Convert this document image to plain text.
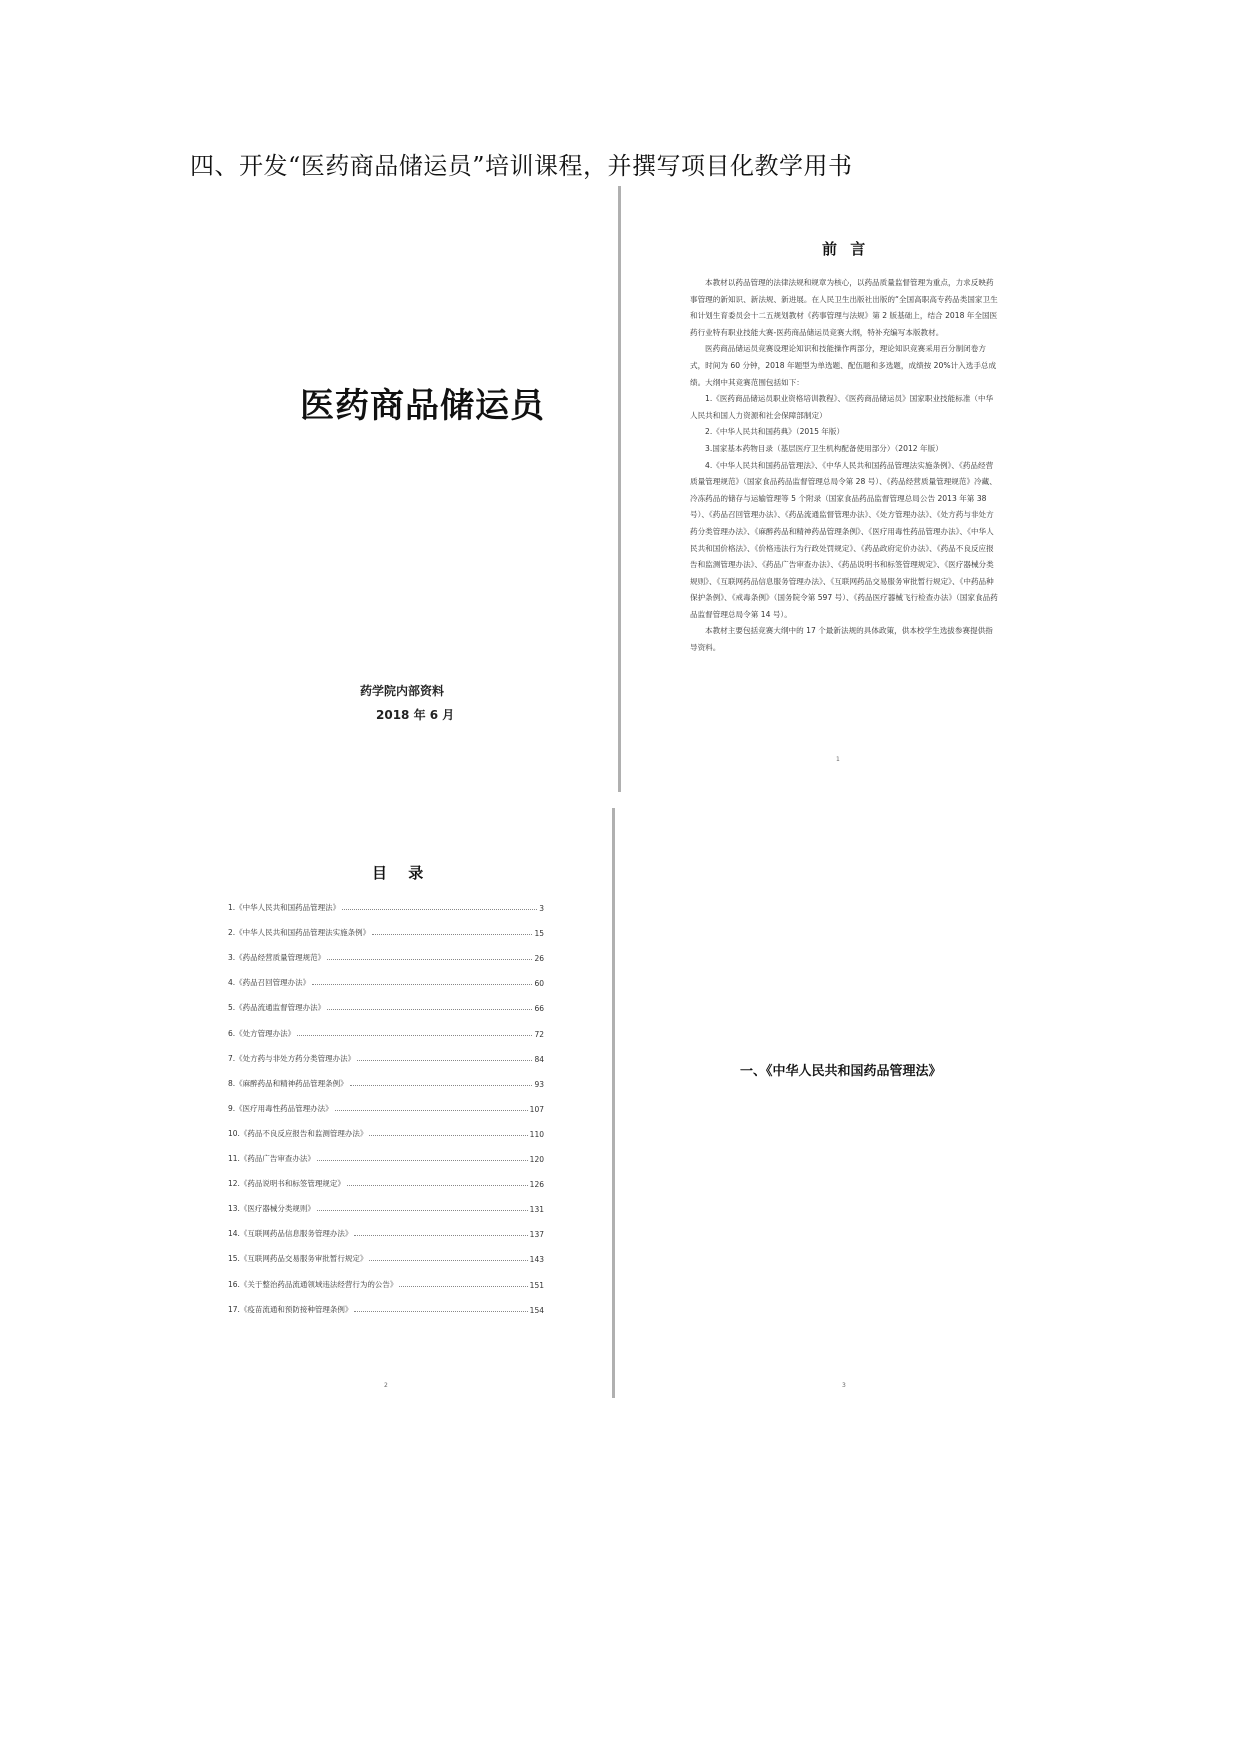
四、开发“医药商品储运员”培训课程，并撰写项目化教学用书
医药商品储运员
药学院内部资料
2018 年 6 月
前 言

本教材以药品管理的法律法规和规章为核心，以药品质量监督管理为重点，力求反映药事管理的新知识、新法规、新进展。在人民卫生出版社出版的“全国高职高专药品类国家卫生和计划生育委员会十二五规划教材《药事管理与法规》第 2 版基础上，结合 2018 年全国医药行业特有职业技能大赛-医药商品储运员竞赛大纲，特补充编写本版教材。

医药商品储运员竞赛设理论知识和技能操作两部分，理论知识竞赛采用百分制闭卷方式，时间为 60 分钟，2018 年题型为单选题、配伍题和多选题，成绩按 20%计入选手总成绩。大纲中其竞赛范围包括如下：

1.《医药商品储运员职业资格培训教程》、《医药商品储运员》国家职业技能标准（中华人民共和国人力资源和社会保障部制定）

2.《中华人民共和国药典》（2015 年版）

3.国家基本药物目录（基层医疗卫生机构配备使用部分）（2012 年版）

4.《中华人民共和国药品管理法》、《中华人民共和国药品管理法实施条例》、《药品经营质量管理规范》（国家食品药品监督管理总局令第 28 号）、《药品经营质量管理规范》冷藏、冷冻药品的储存与运输管理等 5 个附录（国家食品药品监督管理总局公告 2013 年第 38 号）、《药品召回管理办法》、《药品流通监督管理办法》、《处方管理办法》、《处方药与非处方药分类管理办法》、《麻醉药品和精神药品管理条例》、《医疗用毒性药品管理办法》、《中华人民共和国价格法》、《价格违法行为行政处罚规定》、《药品政府定价办法》、《药品不良反应报告和监测管理办法》、《药品广告审查办法》、《药品说明书和标签管理规定》、《医疗器械分类规则》、《互联网药品信息服务管理办法》、《互联网药品交易服务审批暂行规定》、《中药品种保护条例》、《戒毒条例》（国务院令第 597 号）、《药品医疗器械飞行检查办法》（国家食品药品监督管理总局令第 14 号）。

本教材主要包括竞赛大纲中的 17 个最新法规的具体政策，供本校学生选拔参赛提供指导资料。

1
目 录
1.《中华人民共和国药品管理法》	3
2.《中华人民共和国药品管理法实施条例》	15
3.《药品经营质量管理规范》	26
4.《药品召回管理办法》	60
5.《药品流通监督管理办法》	66
6.《处方管理办法》	72
7.《处方药与非处方药分类管理办法》	84
8.《麻醉药品和精神药品管理条例》	93
9.《医疗用毒性药品管理办法》	107
10.《药品不良反应报告和监测管理办法》	110
11.《药品广告审查办法》	120
12.《药品说明书和标签管理规定》	126
13.《医疗器械分类规则》	131
14.《互联网药品信息服务管理办法》	137
15.《互联网药品交易服务审批暂行规定》	143
16.《关于整治药品流通领域违法经营行为的公告》	151
17.《疫苗流通和预防接种管理条例》	154
2
一、《中华人民共和国药品管理法》
3
